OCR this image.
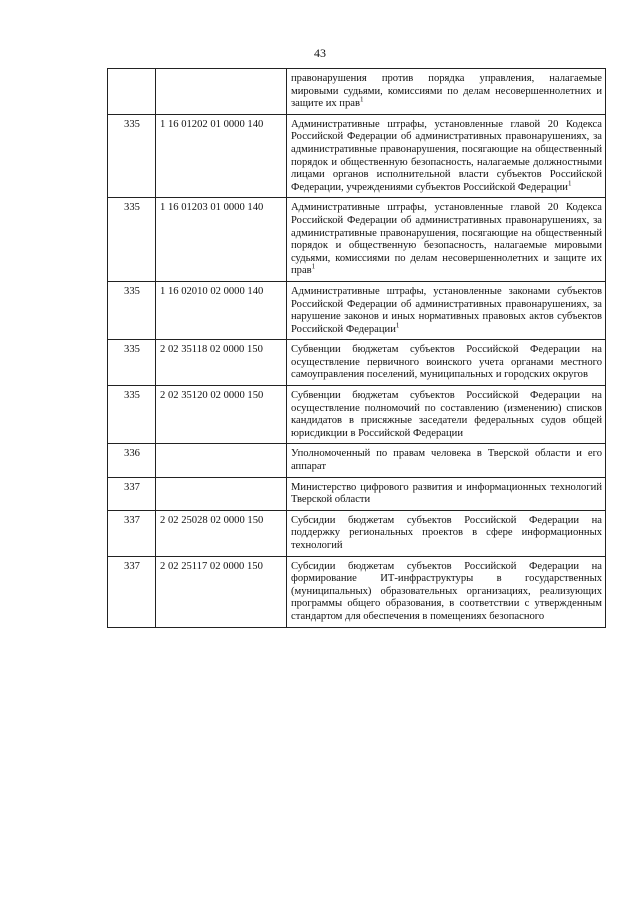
43
		правонарушения против порядка управления, налагаемые мировыми судьями, комиссиями по делам несовершеннолетних и защите их прав$^1$
335	1 16 01202 01 0000 140	Административные штрафы, установленные главой 20 Кодекса Российской Федерации об административных правонарушениях, за административные правонарушения, посягающие на общественный порядок и общественную безопасность, налагаемые должностными лицами органов исполнительной власти субъектов Российской Федерации, учреждениями субъектов Российской Федерации$^1$
335	1 16 01203 01 0000 140	Административные штрафы, установленные главой 20 Кодекса Российской Федерации об административных правонарушениях, за административные правонарушения, посягающие на общественный порядок и общественную безопасность, налагаемые мировыми судьями, комиссиями по делам несовершеннолетних и защите их прав$^1$
335	1 16 02010 02 0000 140	Административные штрафы, установленные законами субъектов Российской Федерации об административных правонарушениях, за нарушение законов и иных нормативных правовых актов субъектов Российской Федерации$^1$
335	2 02 35118 02 0000 150	Субвенции бюджетам субъектов Российской Федерации на осуществление первичного воинского учета органами местного самоуправления поселений, муниципальных и городских округов
335	2 02 35120 02 0000 150	Субвенции бюджетам субъектов Российской Федерации на осуществление полномочий по составлению (изменению) списков кандидатов в присяжные заседатели федеральных судов общей юрисдикции в Российской Федерации
336		Уполномоченный по правам человека в Тверской области и его аппарат
337		Министерство цифрового развития и информационных технологий Тверской области
337	2 02 25028 02 0000 150	Субсидии бюджетам субъектов Российской Федерации на поддержку региональных проектов в сфере информационных технологий
337	2 02 25117 02 0000 150	Субсидии бюджетам субъектов Российской Федерации на формирование ИТ-инфраструктуры в государственных (муниципальных) образовательных организациях, реализующих программы общего образования, в соответствии с утвержденным стандартом для обеспечения в помещениях безопасного
